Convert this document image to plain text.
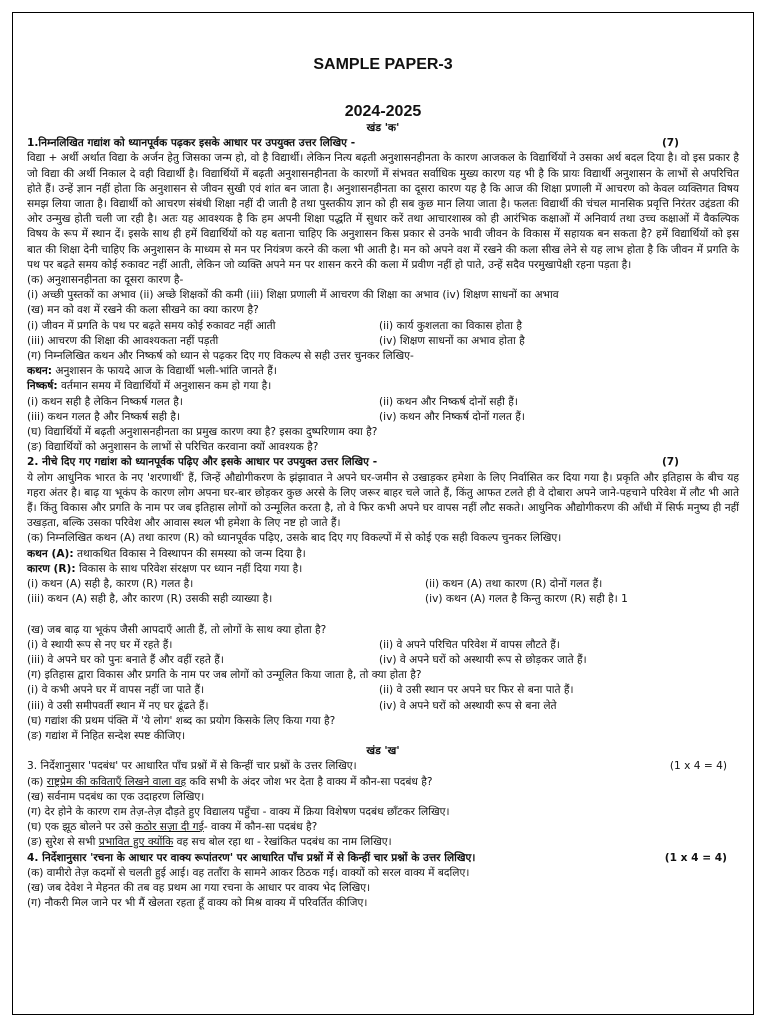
SAMPLE PAPER-3
2024-2025
खंड 'क'
1.निम्नलिखित गद्यांश को ध्यानपूर्वक पढ़कर इसके आधार पर उपयुक्त उत्तर लिखिए -	(7)

विद्या + अर्थी अर्थात विद्या के अर्जन हेतु जिसका जन्म हो, वो है विद्यार्थी। लेकिन नित्य बढ़ती अनुशासनहीनता के कारण आजकल के विद्यार्थियों ने उसका अर्थ बदल दिया है। वो इस प्रकार है जो विद्या की अर्थी निकाल दे वही विद्यार्थी है। विद्यार्थियों में बढ़ती अनुशासनहीनता के कारणों में संभवत सर्वाधिक मुख्य कारण यह भी है कि प्रायः विद्यार्थी अनुशासन के लाभों से अपरिचित होते हैं। उन्हें ज्ञान नहीं होता कि अनुशासन से जीवन सुखी एवं शांत बन जाता है। अनुशासनहीनता का दूसरा कारण यह है कि आज की शिक्षा प्रणाली में आचरण को केवल व्यक्तिगत विषय समझ लिया जाता है। विद्यार्थी को आचरण संबंधी शिक्षा नहीं दी जाती है तथा पुस्तकीय ज्ञान को ही सब कुछ मान लिया जाता है। फलतः विद्यार्थी की चंचल मानसिक प्रवृत्ति निरंतर उद्दंडता की ओर उन्मुख होती चली जा रही है। अतः यह आवश्यक है कि हम अपनी शिक्षा पद्धति में सुधार करें तथा आचारशास्त्र को ही आरंभिक कक्षाओं में अनिवार्य तथा उच्च कक्षाओं में वैकल्पिक विषय के रूप में स्थान दें। इसके साथ ही हमें विद्यार्थियों को यह बताना चाहिए कि अनुशासन किस प्रकार से उनके भावी जीवन के विकास में सहायक बन सकता है? हमें विद्यार्थियों को इस बात की शिक्षा देनी चाहिए कि अनुशासन के माध्यम से मन पर नियंत्रण करने की कला भी आती है। मन को अपने वश में रखने की कला सीख लेने से यह लाभ होता है कि जीवन में प्रगति के पथ पर बढ़ते समय कोई रुकावट नहीं आती, लेकिन जो व्यक्ति अपने मन पर शासन करने की कला में प्रवीण नहीं हो पाते, उन्हें सदैव परमुखापेक्षी रहना पड़ता है।

(क) अनुशासनहीनता का दूसरा कारण है-

(i) अच्छी पुस्तकों का अभाव (ii) अच्छे शिक्षकों की कमी (iii) शिक्षा प्रणाली में आचरण की शिक्षा का अभाव (iv) शिक्षण साधनों का अभाव

(ख) मन को वश में रखने की कला सीखने का क्या कारण है?

(i) जीवन में प्रगति के पथ पर बढ़ते समय कोई रुकावट नहीं आती	(ii) कार्य कुशलता का विकास होता है
(iii) आचरण की शिक्षा की आवश्यकता नहीं पड़ती	(iv) शिक्षण साधनों का अभाव होता है

(ग) निम्नलिखित कथन और निष्कर्ष को ध्यान से पढ़कर दिए गए विकल्प से सही उत्तर चुनकर लिखिए-

कथन: अनुशासन के फायदे आज के विद्यार्थी भली-भांति जानते हैं।

निष्कर्ष: वर्तमान समय में विद्यार्थियों में अनुशासन कम हो गया है।

(i) कथन सही है लेकिन निष्कर्ष गलत है।	(ii) कथन और निष्कर्ष दोनों सही हैं।
(iii) कथन गलत है और निष्कर्ष सही है।	(iv) कथन और निष्कर्ष दोनों गलत हैं।

(घ) विद्यार्थियों में बढ़ती अनुशासनहीनता का प्रमुख कारण क्या है? इसका दुष्परिणाम क्या है?

(ङ) विद्यार्थियों को अनुशासन के लाभों से परिचित करवाना क्यों आवश्यक है?

2. नीचे दिए गए गद्यांश को ध्यानपूर्वक पढ़िए और इसके आधार पर उपयुक्त उत्तर लिखिए -	(7)

ये लोग आधुनिक भारत के नए 'शरणार्थी' हैं, जिन्हें औद्योगीकरण के झंझावात ने अपने घर-जमीन से उखाड़कर हमेशा के लिए निर्वासित कर दिया गया है। प्रकृति और इतिहास के बीच यह गहरा अंतर है। बाढ़ या भूकंप के कारण लोग अपना घर-बार छोड़कर कुछ अरसे के लिए जरूर बाहर चले जाते हैं, किंतु आफत टलते ही वे दोबारा अपने जाने-पहचाने परिवेश में लौट भी आते हैं। किंतु विकास और प्रगति के नाम पर जब इतिहास लोगों को उन्मूलित करता है, तो वे फिर कभी अपने घर वापस नहीं लौट सकते। आधुनिक औद्योगीकरण की आँधी में सिर्फ मनुष्य ही नहीं उखड़ता, बल्कि उसका परिवेश और आवास स्थल भी हमेशा के लिए नष्ट हो जाते हैं।

(क) निम्नलिखित कथन (A) तथा कारण (R) को ध्यानपूर्वक पढ़िए, उसके बाद दिए गए विकल्पों में से कोई एक सही विकल्प चुनकर लिखिए।

कथन (A): तथाकथित विकास ने विस्थापन की समस्या को जन्म दिया है।

कारण (R): विकास के साथ परिवेश संरक्षण पर ध्यान नहीं दिया गया है।

(i) कथन (A) सही है, कारण (R) गलत है।	(ii) कथन (A) तथा कारण (R) दोनों गलत हैं।
(iii) कथन (A) सही है, और कारण (R) उसकी सही व्याख्या है।	(iv) कथन (A) गलत है किन्तु कारण (R) सही है। 1

(ख) जब बाढ़ या भूकंप जैसी आपदाएँ आती हैं, तो लोगों के साथ क्या होता है?

(i) वे स्थायी रूप से नए घर में रहते हैं।	(ii) वे अपने परिचित परिवेश में वापस लौटते हैं।
(iii) वे अपने घर को पुनः बनाते हैं और वहीं रहते हैं।	(iv) वे अपने घरों को अस्थायी रूप से छोड़कर जाते हैं।

(ग) इतिहास द्वारा विकास और प्रगति के नाम पर जब लोगों को उन्मूलित किया जाता है, तो क्या होता है?

(i) वे कभी अपने घर में वापस नहीं जा पाते हैं।	(ii) वे उसी स्थान पर अपने घर फिर से बना पाते हैं।
(iii) वे उसी समीपवर्ती स्थान में नए घर ढूंढते हैं।	(iv) वे अपने घरों को अस्थायी रूप से बना लेते

(घ) गद्यांश की प्रथम पंक्ति में 'ये लोग' शब्द का प्रयोग किसके लिए किया गया है?

(ङ) गद्यांश में निहित सन्देश स्पष्ट कीजिए।

खंड 'ख'
3. निर्देशानुसार 'पदबंध' पर आधारित पाँच प्रश्नों में से किन्हीं चार प्रश्नों के उत्तर लिखिए।	(1 x 4 = 4)

(क) राष्ट्रप्रेम की कविताएँ लिखने वाला वह कवि सभी के अंदर जोश भर देता है वाक्य में कौन-सा पदबंध है?

(ख) सर्वनाम पदबंध का एक उदाहरण लिखिए।

(ग) देर होने के कारण राम तेज़-तेज़ दौड़ते हुए विद्यालय पहुँचा - वाक्य में क्रिया विशेषण पदबंध छाँटकर लिखिए।

(घ) एक झूठ बोलने पर उसे कठोर सज़ा दी गई- वाक्य में कौन-सा पदबंध है?

(ङ) सुरेश से सभी प्रभावित हुए क्योंकि वह सच बोल रहा था - रेखांकित पदबंध का नाम लिखिए।

4. निर्देशानुसार 'रचना के आधार पर वाक्य रूपांतरण' पर आधारित पाँच प्रश्नों में से किन्हीं चार प्रश्नों के उत्तर लिखिए।	(1 x 4 = 4)

(क) वामीरो तेज़ कदमों से चलती हुई आई। वह तताँरा के सामने आकर ठिठक गई। वाक्यों को सरल वाक्य में बदलिए।

(ख) जब देवेश ने मेहनत की तब वह प्रथम आ गया रचना के आधार पर वाक्य भेद लिखिए।

(ग) नौकरी मिल जाने पर भी मैं खेलता रहता हूँ वाक्य को मिश्र वाक्य में परिवर्तित कीजिए।
